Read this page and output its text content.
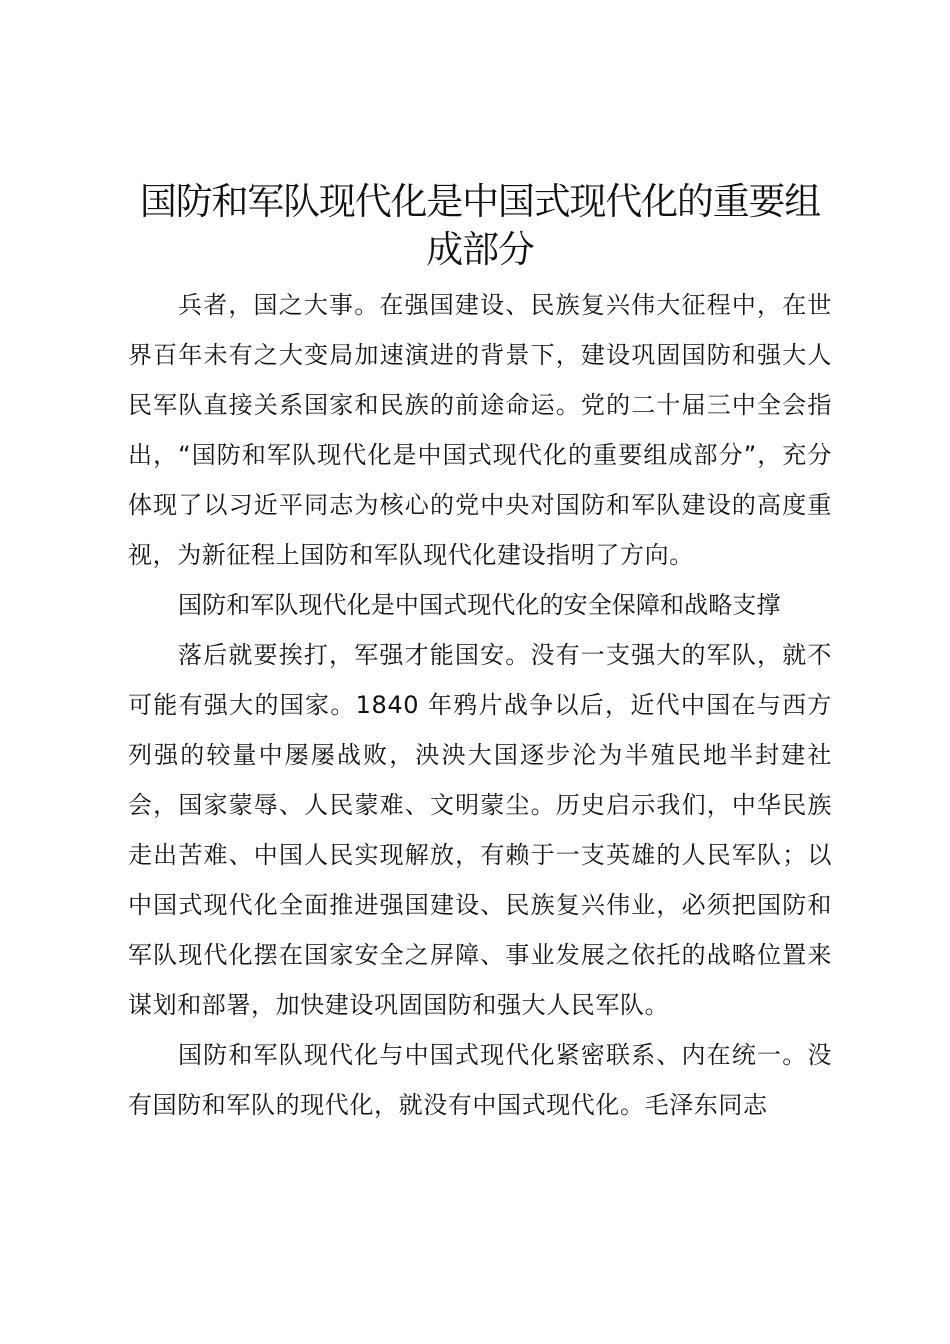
国防和军队现代化是中国式现代化的重要组成部分

兵者，国之大事。在强国建设、民族复兴伟大征程中，在世界百年未有之大变局加速演进的背景下，建设巩固国防和强大人民军队直接关系国家和民族的前途命运。党的二十届三中全会指出，“国防和军队现代化是中国式现代化的重要组成部分”，充分体现了以习近平同志为核心的党中央对国防和军队建设的高度重视，为新征程上国防和军队现代化建设指明了方向。

国防和军队现代化是中国式现代化的安全保障和战略支撑

落后就要挨打，军强才能国安。没有一支强大的军队，就不可能有强大的国家。1840 年鸦片战争以后，近代中国在与西方列强的较量中屡屡战败，泱泱大国逐步沦为半殖民地半封建社会，国家蒙辱、人民蒙难、文明蒙尘。历史启示我们，中华民族走出苦难、中国人民实现解放，有赖于一支英雄的人民军队；以中国式现代化全面推进强国建设、民族复兴伟业，必须把国防和军队现代化摆在国家安全之屏障、事业发展之依托的战略位置来谋划和部署，加快建设巩固国防和强大人民军队。

国防和军队现代化与中国式现代化紧密联系、内在统一。没有国防和军队的现代化，就没有中国式现代化。毛泽东同志
